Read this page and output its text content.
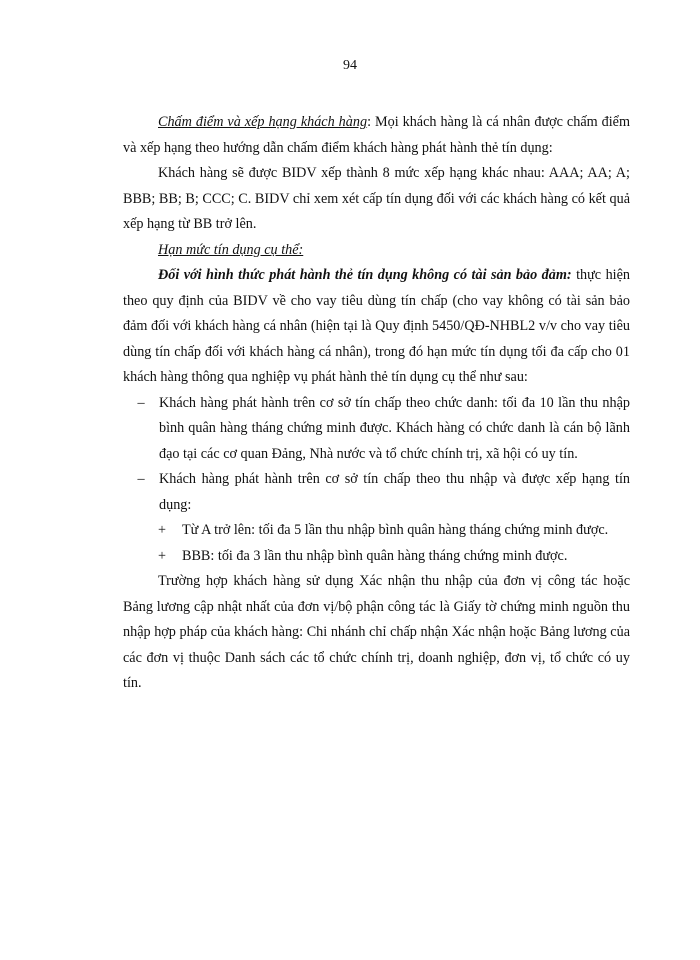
94

Chấm điểm và xếp hạng khách hàng: Mọi khách hàng là cá nhân được chấm điểm và xếp hạng theo hướng dẫn chấm điểm khách hàng phát hành thẻ tín dụng:

Khách hàng sẽ được BIDV xếp thành 8 mức xếp hạng khác nhau: AAA; AA; A; BBB; BB; B; CCC; C. BIDV chỉ xem xét cấp tín dụng đối với các khách hàng có kết quả xếp hạng từ BB trở lên.

Hạn mức tín dụng cụ thể:

Đối với hình thức phát hành thẻ tín dụng không có tài sản bảo đảm: thực hiện theo quy định của BIDV về cho vay tiêu dùng tín chấp (cho vay không có tài sản bảo đảm đối với khách hàng cá nhân (hiện tại là Quy định 5450/QĐ-NHBL2 v/v cho vay tiêu dùng tín chấp đối với khách hàng cá nhân), trong đó hạn mức tín dụng tối đa cấp cho 01 khách hàng thông qua nghiệp vụ phát hành thẻ tín dụng cụ thể như sau:

– Khách hàng phát hành trên cơ sở tín chấp theo chức danh: tối đa 10 lần thu nhập bình quân hàng tháng chứng minh được. Khách hàng có chức danh là cán bộ lãnh đạo tại các cơ quan Đảng, Nhà nước và tổ chức chính trị, xã hội có uy tín.

– Khách hàng phát hành trên cơ sở tín chấp theo thu nhập và được xếp hạng tín dụng:

+ Từ A trở lên: tối đa 5 lần thu nhập bình quân hàng tháng chứng minh được.

+ BBB: tối đa 3 lần thu nhập bình quân hàng tháng chứng minh được.

Trường hợp khách hàng sử dụng Xác nhận thu nhập của đơn vị công tác hoặc Bảng lương cập nhật nhất của đơn vị/bộ phận công tác là Giấy tờ chứng minh nguồn thu nhập hợp pháp của khách hàng: Chi nhánh chỉ chấp nhận Xác nhận hoặc Bảng lương của các đơn vị thuộc Danh sách các tổ chức chính trị, doanh nghiệp, đơn vị, tổ chức có uy tín.
